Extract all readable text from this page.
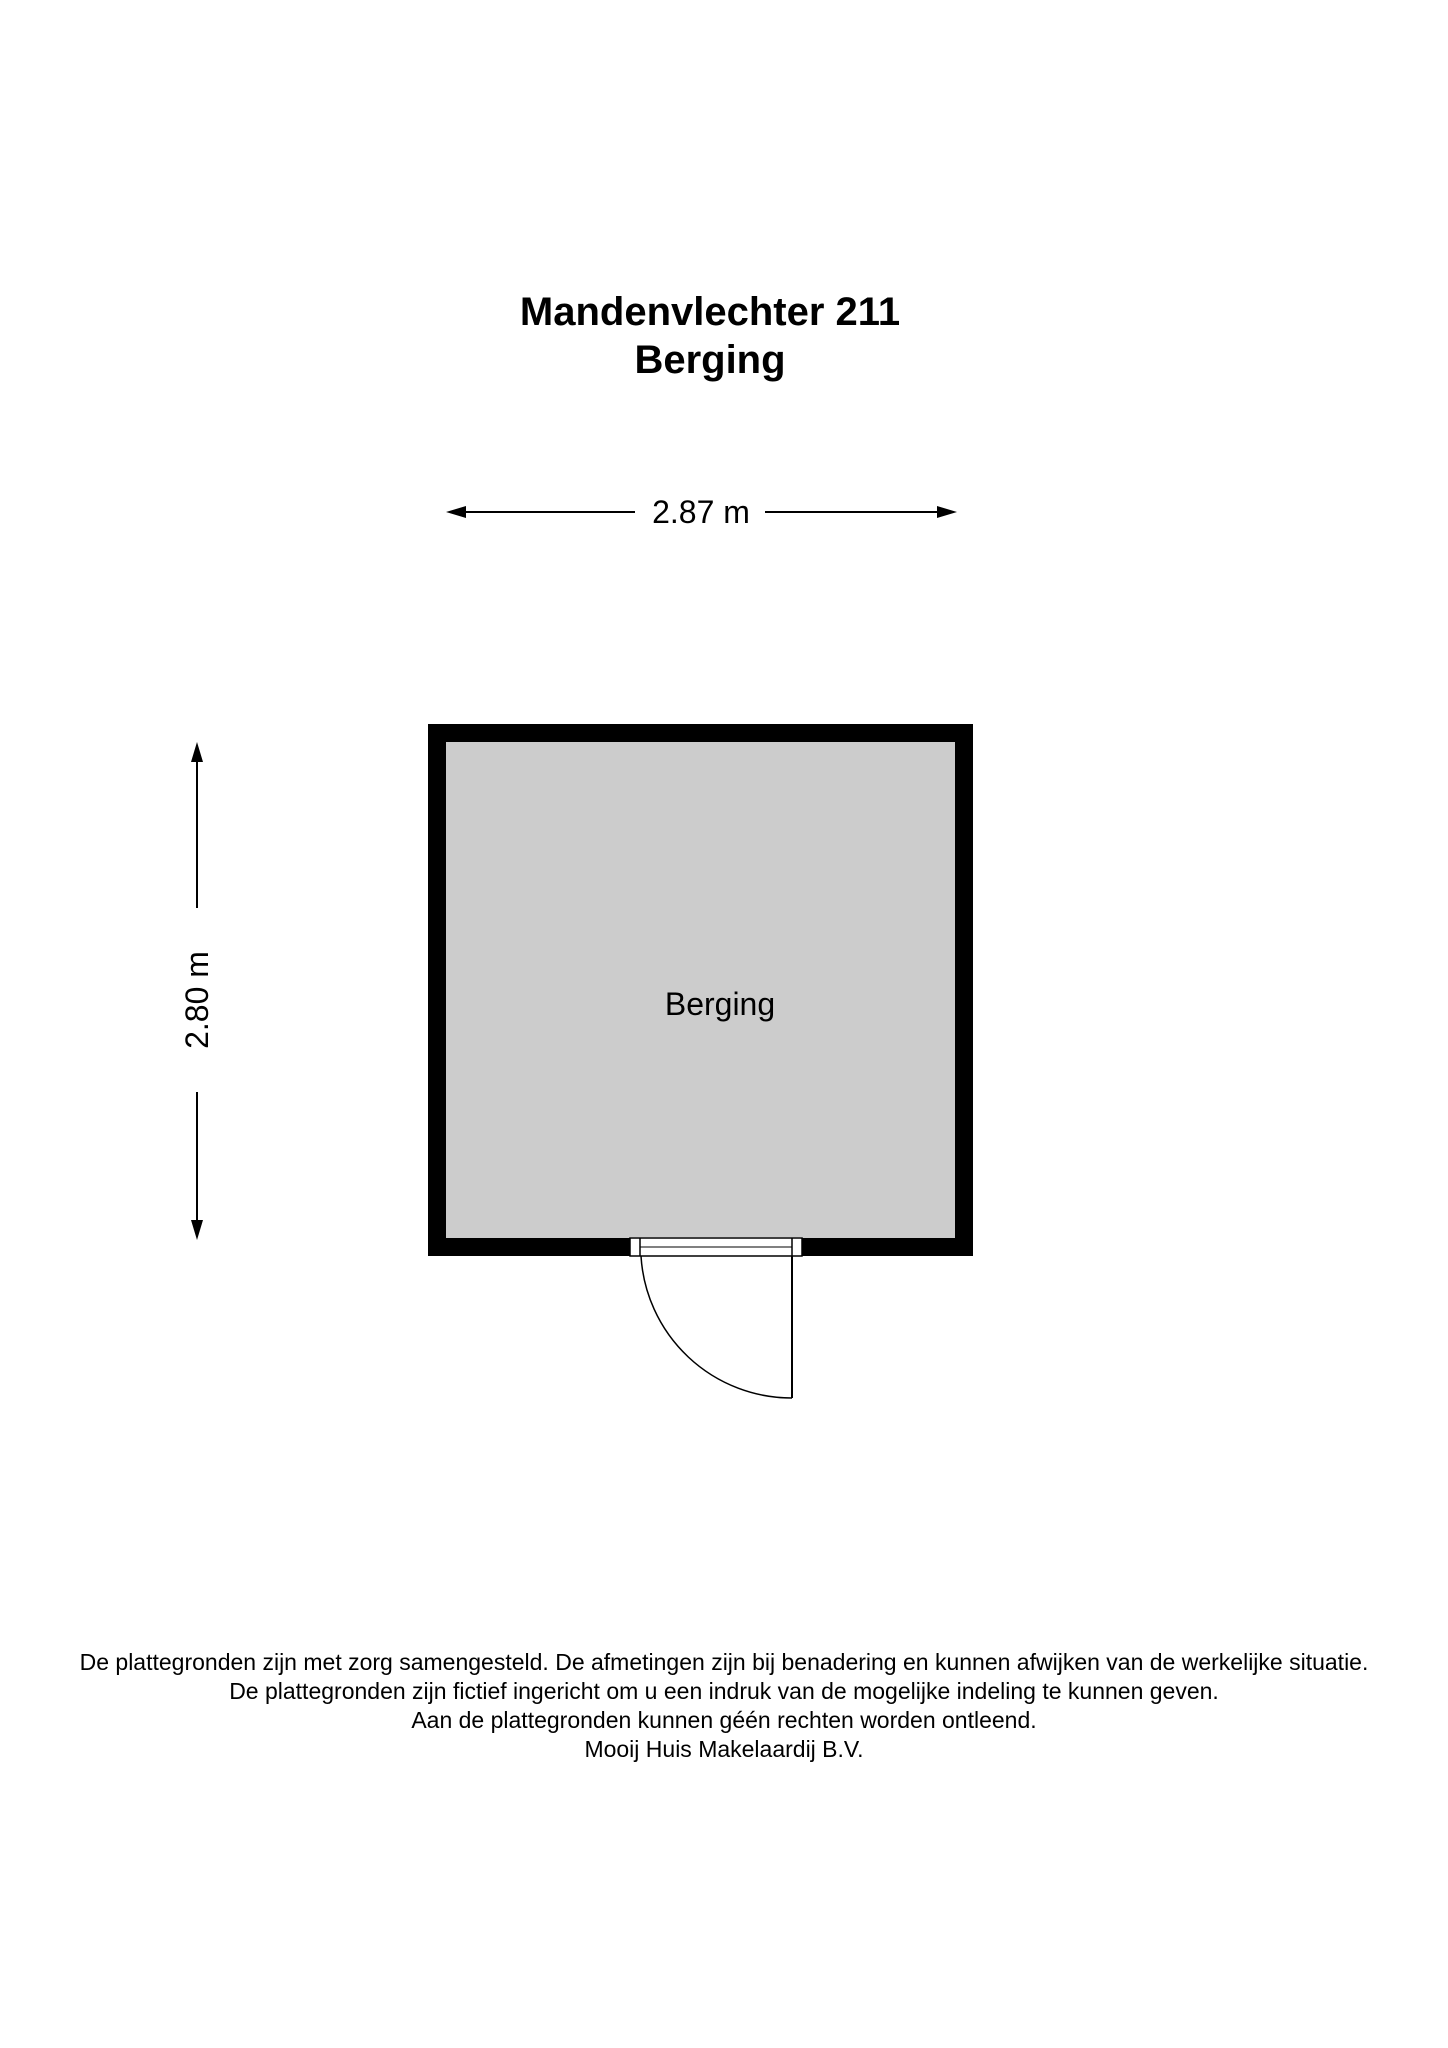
Mandenvlechter 211
Berging
2.87 m
2.80 m	Berging
De plattegronden zijn met zorg samengesteld. De afmetingen zijn bij benadering en kunnen afwijken van de werkelijke situatie.
De plattegronden zijn fictief ingericht om u een indruk van de mogelijke indeling te kunnen geven.
Aan de plattegronden kunnen géén rechten worden ontleend.
Mooij Huis Makelaardij B.V.
